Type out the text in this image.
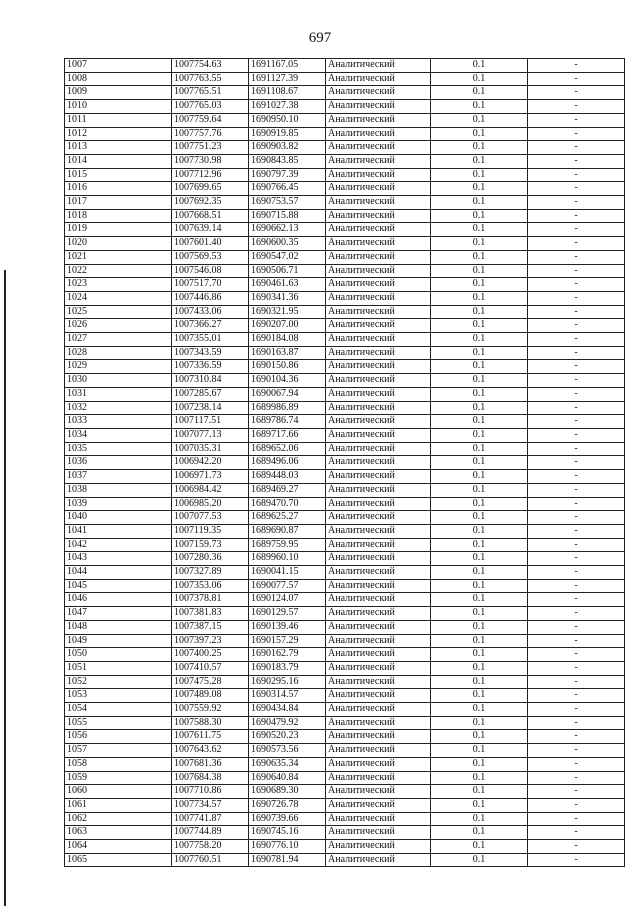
697
1007	1007754.63	1691167.05	Аналитический	0.1	-
1008	1007763.55	1691127.39	Аналитический	0.1	-
1009	1007765.51	1691108.67	Аналитический	0.1	-
1010	1007765.03	1691027.38	Аналитический	0.1	-
1011	1007759.64	1690950.10	Аналитический	0.1	-
1012	1007757.76	1690919.85	Аналитический	0.1	-
1013	1007751.23	1690903.82	Аналитический	0.1	-
1014	1007730.98	1690843.85	Аналитический	0.1	-
1015	1007712.96	1690797.39	Аналитический	0.1	-
1016	1007699.65	1690766.45	Аналитический	0.1	-
1017	1007692.35	1690753.57	Аналитический	0.1	-
1018	1007668.51	1690715.88	Аналитический	0.1	-
1019	1007639.14	1690662.13	Аналитический	0.1	-
1020	1007601.40	1690600.35	Аналитический	0.1	-
1021	1007569.53	1690547.02	Аналитический	0.1	-
1022	1007546.08	1690506.71	Аналитический	0.1	-
1023	1007517.70	1690461.63	Аналитический	0.1	-
1024	1007446.86	1690341.36	Аналитический	0.1	-
1025	1007433.06	1690321.95	Аналитический	0.1	-
1026	1007366.27	1690207.00	Аналитический	0.1	-
1027	1007355.01	1690184.08	Аналитический	0.1	-
1028	1007343.59	1690163.87	Аналитический	0.1	-
1029	1007336.59	1690150.86	Аналитический	0.1	-
1030	1007310.84	1690104.36	Аналитический	0.1	-
1031	1007285.67	1690067.94	Аналитический	0.1	-
1032	1007238.14	1689986.89	Аналитический	0.1	-
1033	1007117.51	1689786.74	Аналитический	0.1	-
1034	1007077.13	1689717.66	Аналитический	0.1	-
1035	1007035.31	1689652.06	Аналитический	0.1	-
1036	1006942.20	1689496.06	Аналитический	0.1	-
1037	1006971.73	1689448.03	Аналитический	0.1	-
1038	1006984.42	1689469.27	Аналитический	0.1	-
1039	1006985.20	1689470.70	Аналитический	0.1	-
1040	1007077.53	1689625.27	Аналитический	0.1	-
1041	1007119.35	1689690.87	Аналитический	0.1	-
1042	1007159.73	1689759.95	Аналитический	0.1	-
1043	1007280.36	1689960.10	Аналитический	0.1	-
1044	1007327.89	1690041.15	Аналитический	0.1	-
1045	1007353.06	1690077.57	Аналитический	0.1	-
1046	1007378.81	1690124.07	Аналитический	0.1	-
1047	1007381.83	1690129.57	Аналитический	0.1	-
1048	1007387.15	1690139.46	Аналитический	0.1	-
1049	1007397.23	1690157.29	Аналитический	0.1	-
1050	1007400.25	1690162.79	Аналитический	0.1	-
1051	1007410.57	1690183.79	Аналитический	0.1	-
1052	1007475.28	1690295.16	Аналитический	0.1	-
1053	1007489.08	1690314.57	Аналитический	0.1	-
1054	1007559.92	1690434.84	Аналитический	0.1	-
1055	1007588.30	1690479.92	Аналитический	0.1	-
1056	1007611.75	1690520.23	Аналитический	0.1	-
1057	1007643.62	1690573.56	Аналитический	0.1	-
1058	1007681.36	1690635.34	Аналитический	0.1	-
1059	1007684.38	1690640.84	Аналитический	0.1	-
1060	1007710.86	1690689.30	Аналитический	0.1	-
1061	1007734.57	1690726.78	Аналитический	0.1	-
1062	1007741.87	1690739.66	Аналитический	0.1	-
1063	1007744.89	1690745.16	Аналитический	0.1	-
1064	1007758.20	1690776.10	Аналитический	0.1	-
1065	1007760.51	1690781.94	Аналитический	0.1	-
